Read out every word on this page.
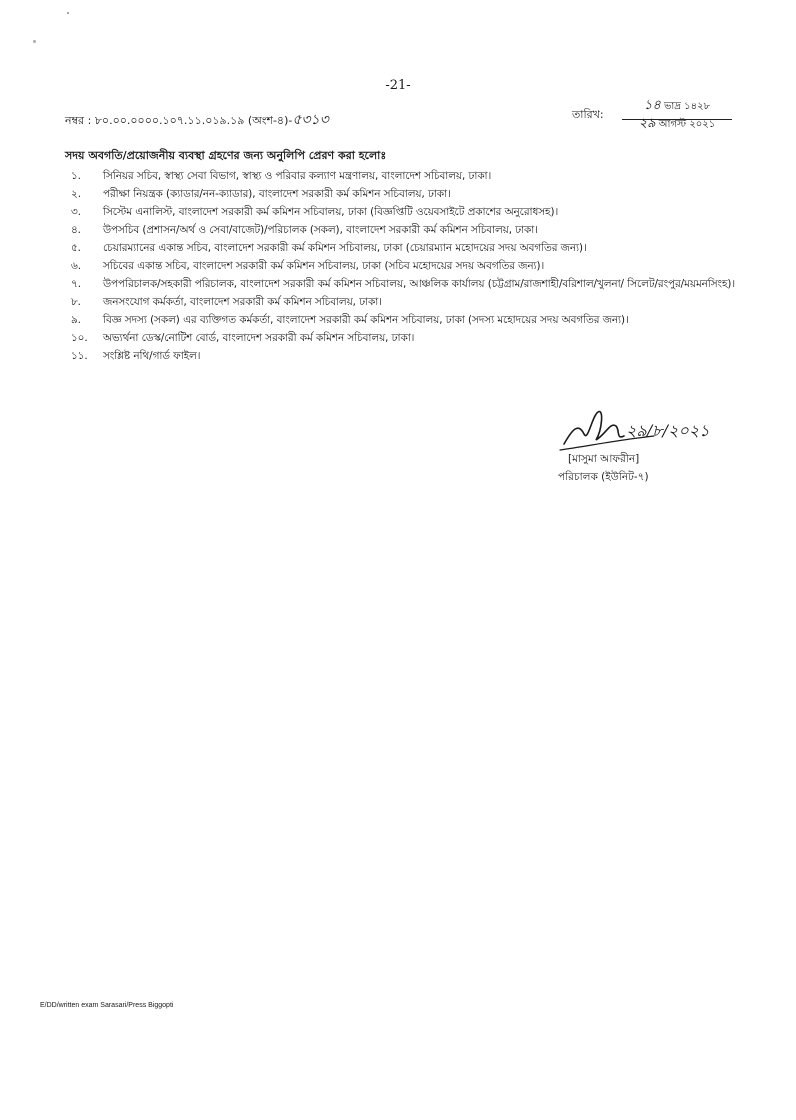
-21-
নম্বর : ৮০.০০.০০০০.১০৭.১১.০১৯.১৯ (অংশ-৪)-৫৩১৩	তারিখ:
১৪ ভাদ্র ১৪২৮
২৯ আগস্ট ২০২১
সদয় অবগতি/প্রয়োজনীয় ব্যবস্থা গ্রহণের জন্য অনুলিপি প্রেরণ করা হলোঃ
১. সিনিয়র সচিব, স্বাস্থ্য সেবা বিভাগ, স্বাস্থ্য ও পরিবার কল্যাণ মন্ত্রণালয়, বাংলাদেশ সচিবালয়, ঢাকা।
২. পরীক্ষা নিয়ন্ত্রক (ক্যাডার/নন-ক্যাডার), বাংলাদেশ সরকারী কর্ম কমিশন সচিবালয়, ঢাকা।
৩. সিস্টেম এনালিস্ট, বাংলাদেশ সরকারী কর্ম কমিশন সচিবালয়, ঢাকা (বিজ্ঞপ্তিটি ওয়েবসাইটে প্রকাশের অনুরোধসহ)।
৪. উপসচিব (প্রশাসন/অর্থ ও সেবা/বাজেট)/পরিচালক (সকল), বাংলাদেশ সরকারী কর্ম কমিশন সচিবালয়, ঢাকা।
৫. চেয়ারম্যানের একান্ত সচিব, বাংলাদেশ সরকারী কর্ম কমিশন সচিবালয়, ঢাকা (চেয়ারম্যান মহোদয়ের সদয় অবগতির জন্য)।
৬. সচিবের একান্ত সচিব, বাংলাদেশ সরকারী কর্ম কমিশন সচিবালয়, ঢাকা (সচিব মহোদয়ের সদয় অবগতির জন্য)।
৭. উপপরিচালক/সহকারী পরিচালক, বাংলাদেশ সরকারী কর্ম কমিশন সচিবালয়, আঞ্চলিক কার্যালয় (চট্টগ্রাম/রাজশাহী/বরিশাল/খুলনা/ সিলেট/রংপুর/ময়মনসিংহ)।
৮. জনসংযোগ কর্মকর্তা, বাংলাদেশ সরকারী কর্ম কমিশন সচিবালয়, ঢাকা।
৯. বিজ্ঞ সদস্য (সকল) এর ব্যক্তিগত কর্মকর্তা, বাংলাদেশ সরকারী কর্ম কমিশন সচিবালয়, ঢাকা (সদস্য মহোদয়ের সদয় অবগতির জন্য)।
১০. অভ্যর্থনা ডেস্ক/নোটিশ বোর্ড, বাংলাদেশ সরকারী কর্ম কমিশন সচিবালয়, ঢাকা।
১১. সংশ্লিষ্ট নথি/গার্ড ফাইল।
২৯/৮/২০২১
[মাসুমা আফরীন]
পরিচালক (ইউনিট-৭)
E/DD/written exam Sarasari/Press Biggopti
